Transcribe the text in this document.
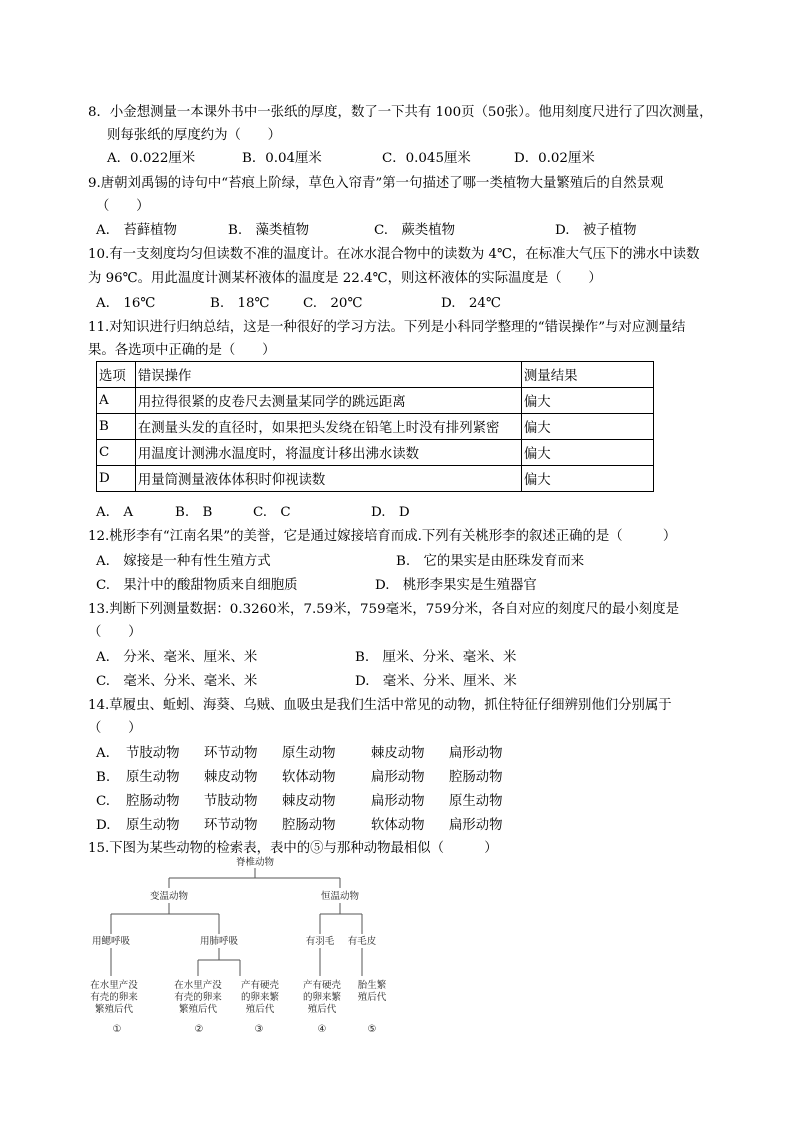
8．小金想测量一本课外书中一张纸的厚度，数了一下共有 100页（50张）。他用刻度尺进行了四次测量，
则每张纸的厚度约为（　　）
A．0.022厘米	B．0.04厘米	C．0.045厘米	D．0.02厘米
9.唐朝刘禹锡的诗句中“苔痕上阶绿，草色入帘青”第一句描述了哪一类植物大量繁殖后的自然景观
（　　）
A.　苔藓植物	B.　藻类植物	C.　蕨类植物	D.　被子植物
10.有一支刻度均匀但读数不准的温度计。在冰水混合物中的读数为 4℃，在标准大气压下的沸水中读数
为 96℃。用此温度计测某杯液体的温度是 22.4℃，则这杯液体的实际温度是（　　）
A.　16℃	B.　18℃ C.　20℃	D.　24℃
11.对知识进行归纳总结，这是一种很好的学习方法。下列是小科同学整理的“错误操作”与对应测量结
果。各选项中正确的是（　　）
选项	错误操作	测量结果
A	用拉得很紧的皮卷尺去测量某同学的跳远距离	偏大
B	在测量头发的直径时，如果把头发绕在铅笔上时没有排列紧密	偏大
C	用温度计测沸水温度时，将温度计移出沸水读数	偏大
D	用量筒测量液体体积时仰视读数	偏大
A.　A	B.　B	C.　C	D.　D
12.桃形李有“江南名果”的美誉，它是通过嫁接培育而成.下列有关桃形李的叙述正确的是（　　　）
A.　嫁接是一种有性生殖方式	B.　它的果实是由胚珠发育而来
C.　果汁中的酸甜物质来自细胞质	D.　桃形李果实是生殖器官
13.判断下列测量数据：0.3260米，7.59米，759毫米，759分米，各自对应的刻度尺的最小刻度是
（　　）
A.　分米、毫米、厘米、米	B.　厘米、分米、毫米、米
C.　毫米、分米、毫米、米	D.　毫米、分米、厘米、米
14.草履虫、蚯蚓、海葵、乌贼、血吸虫是我们生活中常见的动物，抓住特征仔细辨别他们分别属于
（　　）
A. 节肢动物 环节动物 原生动物	棘皮动物 扁形动物
B. 原生动物 棘皮动物 软体动物	扁形动物 腔肠动物
C. 腔肠动物 节肢动物 棘皮动物	扁形动物 原生动物
D. 原生动物 环节动物 腔肠动物	软体动物 扁形动物
15.下图为某些动物的检索表，表中的⑤与那种动物最相似（　　　）
脊椎动物
变温动物	恒温动物
用鳃呼吸	用肺呼吸	有羽毛 有毛皮
在水里产没
有壳的卵来
繁殖后代
①
在水里产没
有壳的卵来
繁殖后代
②
产有硬壳
的卵来繁
殖后代
③
产有硬壳
的卵来繁
殖后代
④
胎生繁
殖后代
⑤
